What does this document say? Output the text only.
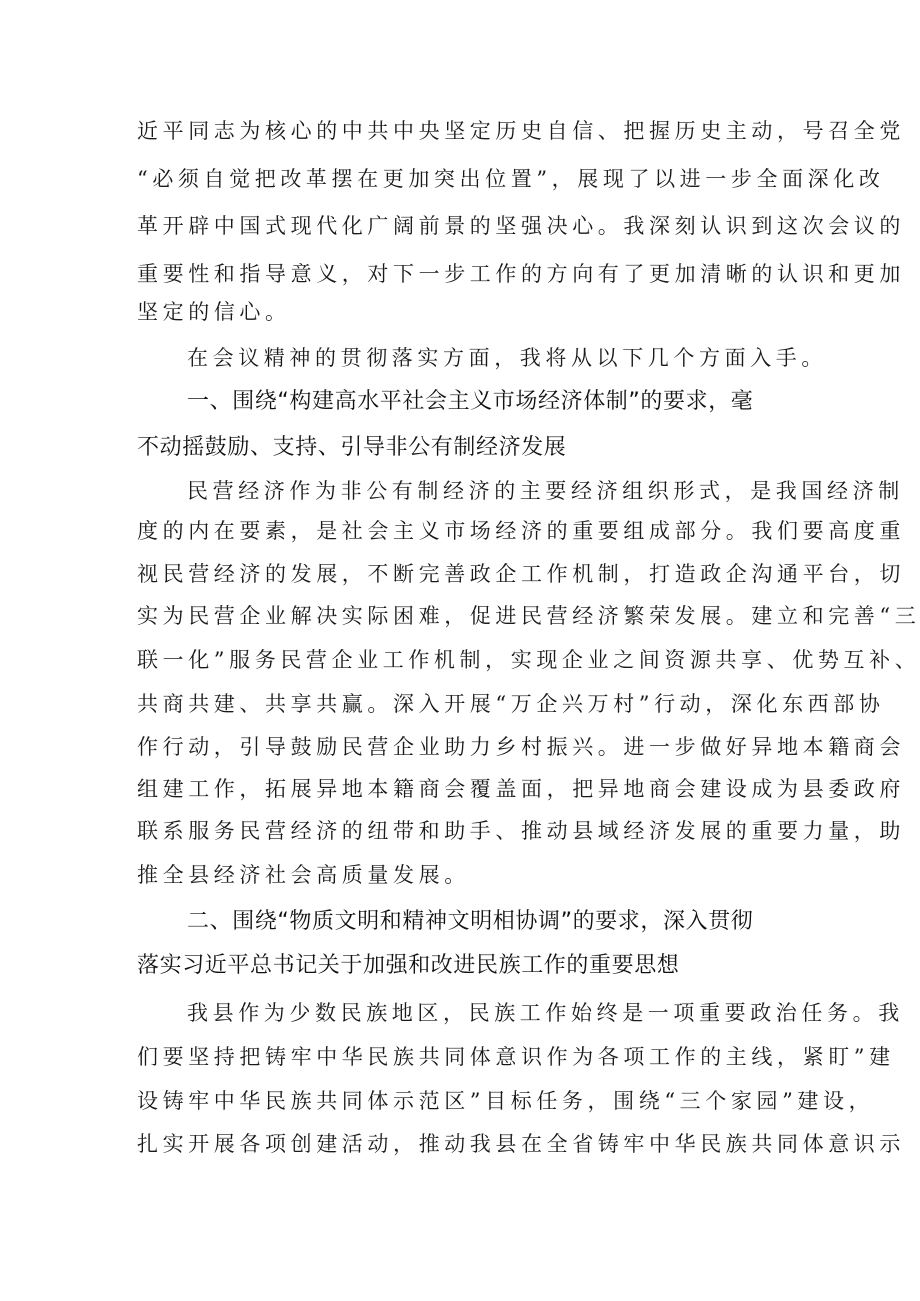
近平同志为核心的中共中央坚定历史自信、把握历史主动，号召全党
“必须自觉把改革摆在更加突出位置”，展现了以进一步全面深化改
革开辟中国式现代化广阔前景的坚强决心。我深刻认识到这次会议的
重要性和指导意义，对下一步工作的方向有了更加清晰的认识和更加
坚定的信心。
在会议精神的贯彻落实方面，我将从以下几个方面入手。
一、围绕“构建高水平社会主义市场经济体制”的要求，毫
不动摇鼓励、支持、引导非公有制经济发展
民营经济作为非公有制经济的主要经济组织形式，是我国经济制
度的内在要素，是社会主义市场经济的重要组成部分。我们要高度重
视民营经济的发展，不断完善政企工作机制，打造政企沟通平台，切
实为民营企业解决实际困难，促进民营经济繁荣发展。建立和完善“三
联一化”服务民营企业工作机制，实现企业之间资源共享、优势互补、
共商共建、共享共赢。深入开展“万企兴万村”行动，深化东西部协
作行动，引导鼓励民营企业助力乡村振兴。进一步做好异地本籍商会
组建工作，拓展异地本籍商会覆盖面，把异地商会建设成为县委政府
联系服务民营经济的纽带和助手、推动县域经济发展的重要力量，助
推全县经济社会高质量发展。
二、围绕“物质文明和精神文明相协调”的要求，深入贯彻
落实习近平总书记关于加强和改进民族工作的重要思想
我县作为少数民族地区，民族工作始终是一项重要政治任务。我
们要坚持把铸牢中华民族共同体意识作为各项工作的主线，紧盯”建
设铸牢中华民族共同体示范区”目标任务，围绕“三个家园”建设，
扎实开展各项创建活动，推动我县在全省铸牢中华民族共同体意识示
